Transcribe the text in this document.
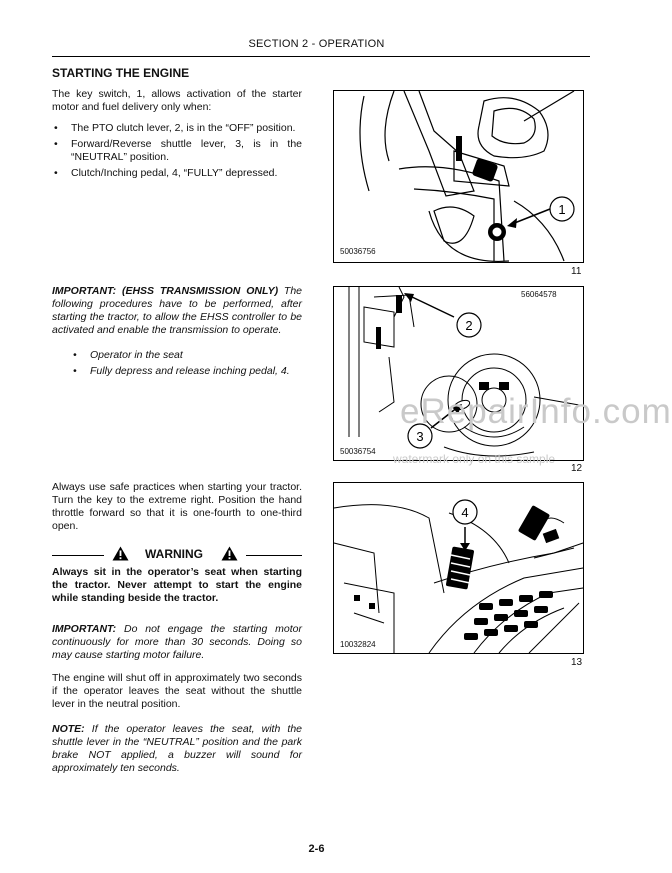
SECTION 2 - OPERATION
STARTING THE ENGINE
The key switch, 1, allows activation of the starter motor and fuel delivery only when:
• The PTO clutch lever, 2, is in the “OFF” position.
• Forward/Reverse shuttle lever, 3, is in the “NEUTRAL” position.
• Clutch/Inching pedal, 4, “FULLY” depressed.
IMPORTANT: (EHSS TRANSMISSION ONLY) The following procedures have to be performed, after starting the tractor, to allow the EHSS controller to be activated and enable the transmission to operate.
• Operator in the seat
• Fully depress and release inching pedal, 4.
Always use safe practices when starting your tractor. Turn the key to the extreme right. Position the hand throttle forward so that it is one-fourth to one-third open.
WARNING
Always sit in the operator’s seat when starting the tractor. Never attempt to start the engine while standing beside the tractor.
IMPORTANT: Do not engage the starting motor continuously for more than 30 seconds. Doing so may cause starting motor failure.
The engine will shut off in approximately two seconds if the operator leaves the seat without the shuttle lever in the neutral position.
NOTE: If the operator leaves the seat, with the shuttle lever in the “NEUTRAL” position and the park brake NOT applied, a buzzer will sound for approximately ten seconds.
1
50036756
11
2
3
56064578
50036754
12
4
10032824
13
eRepairInfo.com
watermark only on this sample
2-6
